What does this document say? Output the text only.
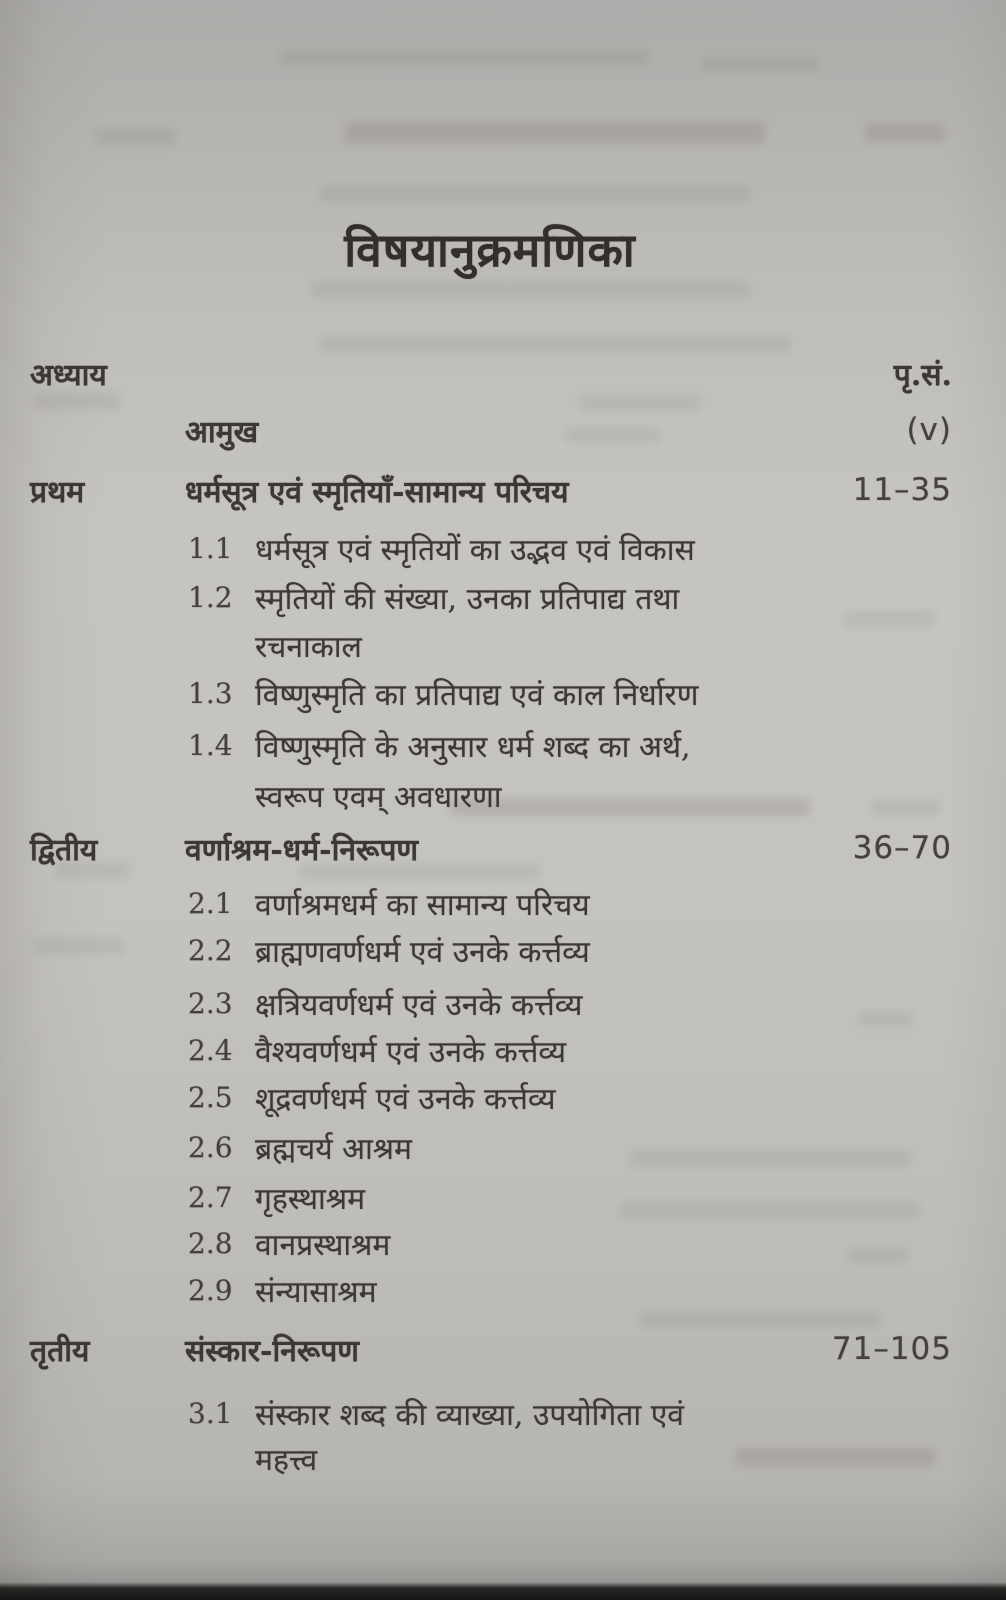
विषयानुक्रमणिका
अध्याय	पृ.सं.
आमुख	(v)
प्रथम	धर्मसूत्र एवं स्मृतियाँ-सामान्य परिचय	11–35
1.1 धर्मसूत्र एवं स्मृतियों का उद्भव एवं विकास
1.2 स्मृतियों की संख्या, उनका प्रतिपाद्य तथा
रचनाकाल
1.3 विष्णुस्मृति का प्रतिपाद्य एवं काल निर्धारण
1.4 विष्णुस्मृति के अनुसार धर्म शब्द का अर्थ,
स्वरूप एवम् अवधारणा
द्वितीय	वर्णाश्रम-धर्म-निरूपण	36–70
2.1 वर्णाश्रमधर्म का सामान्य परिचय
2.2 ब्राह्मणवर्णधर्म एवं उनके कर्त्तव्य
2.3 क्षत्रियवर्णधर्म एवं उनके कर्त्तव्य
2.4 वैश्यवर्णधर्म एवं उनके कर्त्तव्य
2.5 शूद्रवर्णधर्म एवं उनके कर्त्तव्य
2.6 ब्रह्मचर्य आश्रम
2.7 गृहस्थाश्रम
2.8 वानप्रस्थाश्रम
2.9 संन्यासाश्रम
तृतीय	संस्कार-निरूपण	71–105
3.1 संस्कार शब्द की व्याख्या, उपयोगिता एवं
महत्त्व
